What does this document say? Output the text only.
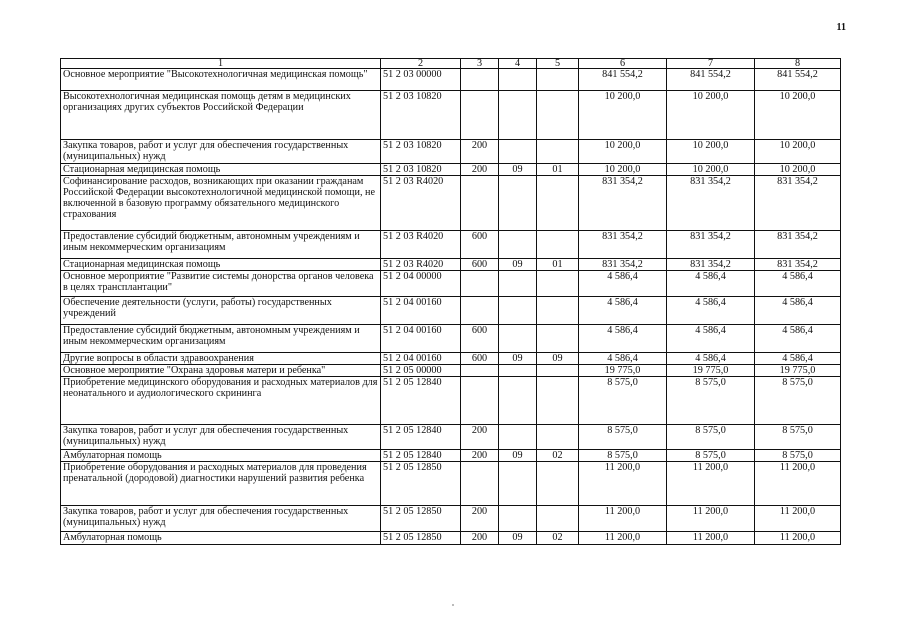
11
1	2	3	4	5	6	7	8
Основное мероприятие "Высокотехнологичная медицинская помощь"	51 2 03 00000				841 554,2	841 554,2	841 554,2
Высокотехнологичная медицинская помощь детям в медицинских организациях других субъектов Российской Федерации	51 2 03 10820				10 200,0	10 200,0	10 200,0
Закупка товаров, работ и услуг для обеспечения государственных (муниципальных) нужд	51 2 03 10820	200			10 200,0	10 200,0	10 200,0
Стационарная медицинская помощь	51 2 03 10820	200	09	01	10 200,0	10 200,0	10 200,0
Софинансирование расходов, возникающих при оказании гражданам Российской Федерации высокотехнологичной медицинской помощи, не включенной в базовую программу обязательного медицинского страхования	51 2 03 R4020				831 354,2	831 354,2	831 354,2
Предоставление субсидий бюджетным, автономным учреждениям и иным некоммерческим организациям	51 2 03 R4020	600			831 354,2	831 354,2	831 354,2
Стационарная медицинская помощь	51 2 03 R4020	600	09	01	831 354,2	831 354,2	831 354,2
Основное мероприятие "Развитие системы донорства органов человека в целях трансплантации"	51 2 04 00000				4 586,4	4 586,4	4 586,4
Обеспечение деятельности (услуги, работы) государственных учреждений	51 2 04 00160				4 586,4	4 586,4	4 586,4
Предоставление субсидий бюджетным, автономным учреждениям и иным некоммерческим организациям	51 2 04 00160	600			4 586,4	4 586,4	4 586,4
Другие вопросы в области здравоохранения	51 2 04 00160	600	09	09	4 586,4	4 586,4	4 586,4
Основное мероприятие "Охрана здоровья матери и ребенка"	51 2 05 00000				19 775,0	19 775,0	19 775,0
Приобретение медицинского оборудования и расходных материалов для неонатального и аудиологического скрининга	51 2 05 12840				8 575,0	8 575,0	8 575,0
Закупка товаров, работ и услуг для обеспечения государственных (муниципальных) нужд	51 2 05 12840	200			8 575,0	8 575,0	8 575,0
Амбулаторная помощь	51 2 05 12840	200	09	02	8 575,0	8 575,0	8 575,0
Приобретение оборудования и расходных материалов для проведения пренатальной (дородовой) диагностики нарушений развития ребенка	51 2 05 12850				11 200,0	11 200,0	11 200,0
Закупка товаров, работ и услуг для обеспечения государственных (муниципальных) нужд	51 2 05 12850	200			11 200,0	11 200,0	11 200,0
Амбулаторная помощь	51 2 05 12850	200	09	02	11 200,0	11 200,0	11 200,0
